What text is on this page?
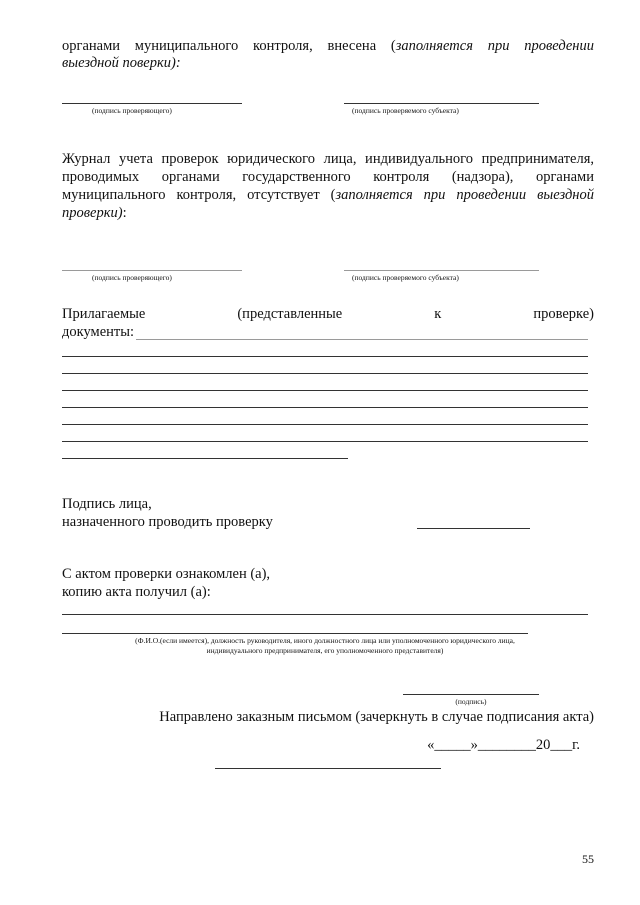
органами муниципального контроля, внесена (заполняется при проведении
выездной поверки):
(подпись проверяющего)	(подпись проверяемого субъекта)
Журнал учета проверок юридического лица, индивидуального предпринимателя,
проводимых органами государственного контроля (надзора), органами
муниципального контроля, отсутствует (заполняется при проведении выездной
проверки):
(подпись проверяющего)	(подпись проверяемого субъекта)
Прилагаемые (представленные к проверке)
документы:
Подпись лица,
назначенного проводить проверку
С актом проверки ознакомлен (а),
копию акта получил (а):
(Ф.И.О.(если имеется), должность руководителя, иного должностного лица или уполномоченного юридического лица,
индивидуального предпринимателя, его уполномоченного представителя)
(подпись)
Направлено заказным письмом (зачеркнуть в случае подписания акта)
«_____»________20___г.
55
